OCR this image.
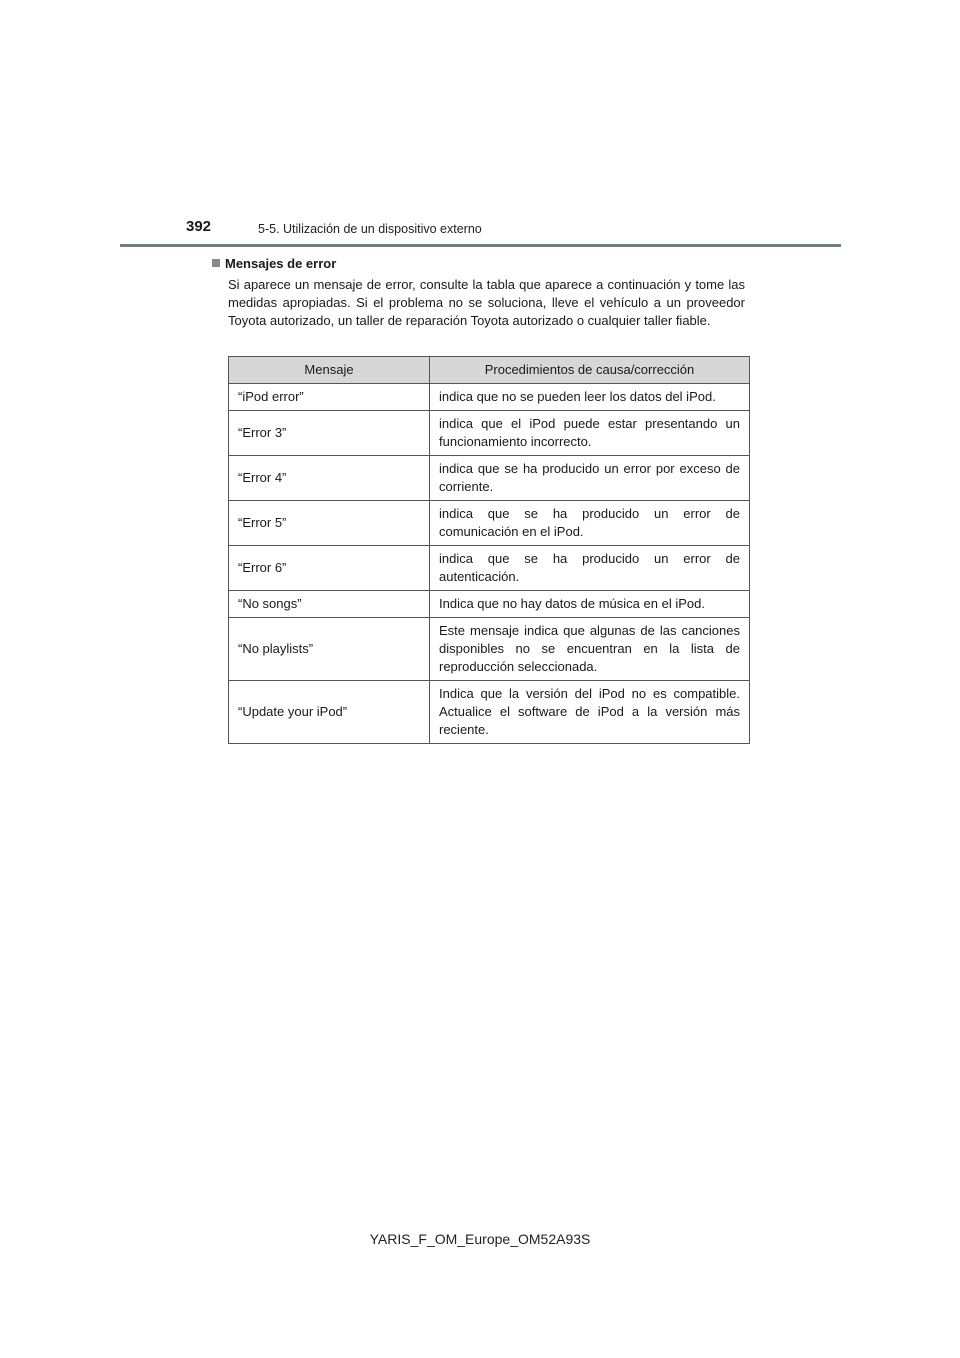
392	5-5. Utilización de un dispositivo externo
Mensajes de error

Si aparece un mensaje de error, consulte la tabla que aparece a continuación y tome las medidas apropiadas. Si el problema no se soluciona, lleve el vehículo a un proveedor Toyota autorizado, un taller de reparación Toyota autorizado o cualquier taller fiable.

Mensaje	Procedimientos de causa/corrección
“iPod error”	indica que no se pueden leer los datos del iPod.
“Error 3”	indica que el iPod puede estar presentando un funcionamiento incorrecto.
“Error 4”	indica que se ha producido un error por exceso de corriente.
“Error 5”	indica que se ha producido un error de comunicación en el iPod.
“Error 6”	indica que se ha producido un error de autenticación.
“No songs”	Indica que no hay datos de música en el iPod.
“No playlists”	Este mensaje indica que algunas de las canciones disponibles no se encuentran en la lista de reproducción seleccionada.
“Update your iPod”	Indica que la versión del iPod no es compatible. Actualice el software de iPod a la versión más reciente.
YARIS_F_OM_Europe_OM52A93S
